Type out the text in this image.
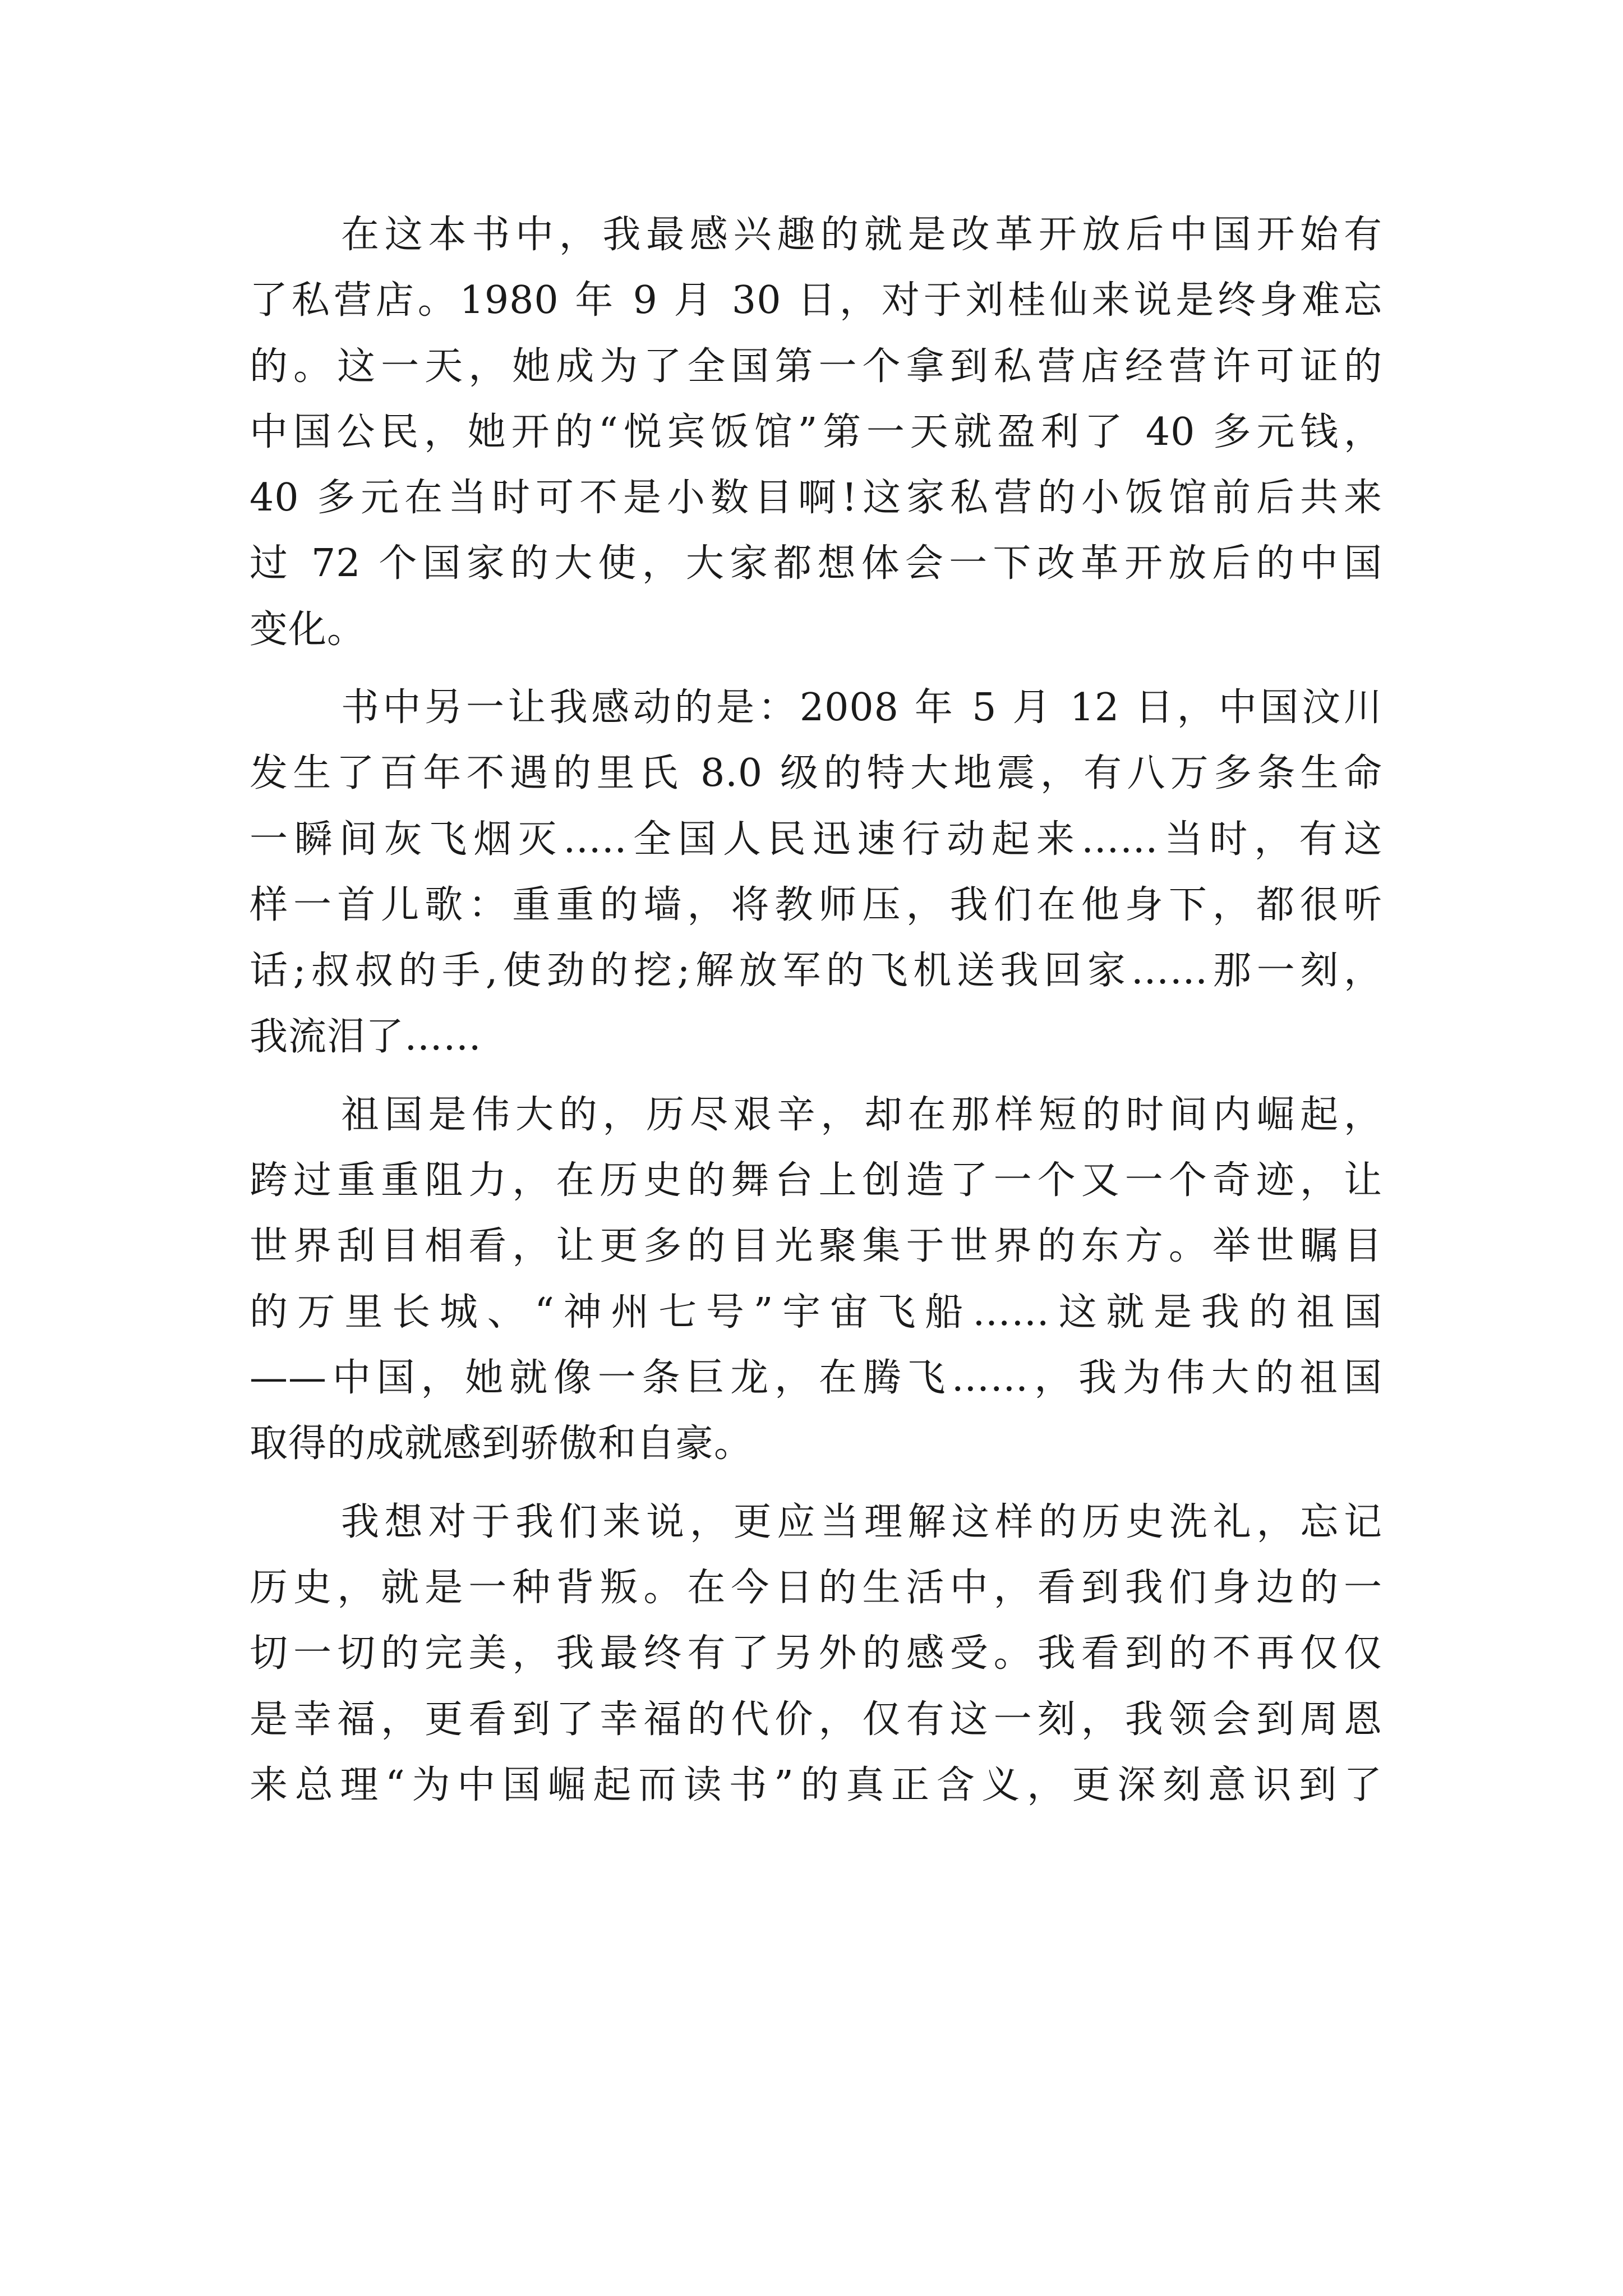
在这本书中，我最感兴趣的就是改革开放后中国开始有
了私营店。1980 年 9 月 30 日，对于刘桂仙来说是终身难忘
的。这一天，她成为了全国第一个拿到私营店经营许可证的
中国公民，她开的“悦宾饭馆”第一天就盈利了 40 多元钱，
40 多元在当时可不是小数目啊!这家私营的小饭馆前后共来
过 72 个国家的大使，大家都想体会一下改革开放后的中国
变化。
书中另一让我感动的是：2008 年 5 月 12 日，中国汶川
发生了百年不遇的里氏 8.0 级的特大地震，有八万多条生命
一瞬间灰飞烟灭…..全国人民迅速行动起来……当时，有这
样一首儿歌：重重的墙，将教师压，我们在他身下，都很听
话;叔叔的手,使劲的挖;解放军的飞机送我回家……那一刻，
我流泪了……
祖国是伟大的，历尽艰辛，却在那样短的时间内崛起，
跨过重重阻力，在历史的舞台上创造了一个又一个奇迹，让
世界刮目相看，让更多的目光聚集于世界的东方。举世瞩目
的万里长城、“神州七号”宇宙飞船……这就是我的祖国
——中国，她就像一条巨龙，在腾飞……，我为伟大的祖国
取得的成就感到骄傲和自豪。
我想对于我们来说，更应当理解这样的历史洗礼，忘记
历史，就是一种背叛。在今日的生活中，看到我们身边的一
切一切的完美，我最终有了另外的感受。我看到的不再仅仅
是幸福，更看到了幸福的代价，仅有这一刻，我领会到周恩
来总理“为中国崛起而读书”的真正含义，更深刻意识到了
